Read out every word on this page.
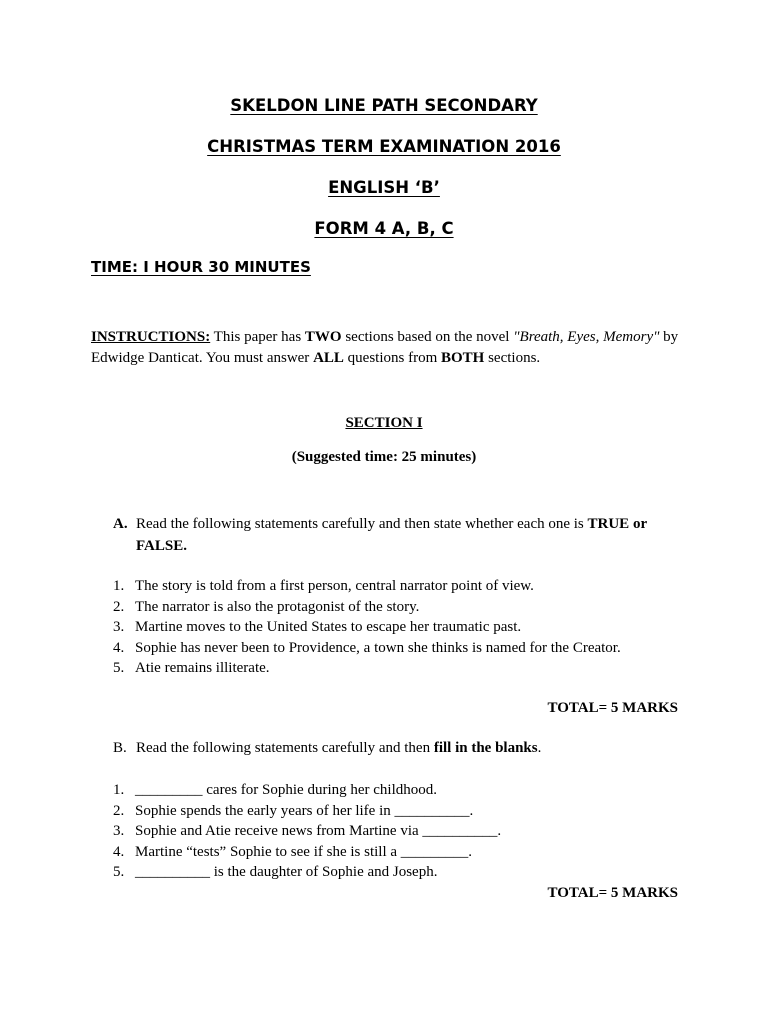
SKELDON LINE PATH SECONDARY
CHRISTMAS TERM EXAMINATION 2016
ENGLISH ‘B’
FORM 4 A, B, C
TIME: I HOUR 30 MINUTES
INSTRUCTIONS: This paper has TWO sections based on the novel "Breath, Eyes, Memory" by Edwidge Danticat. You must answer ALL questions from BOTH sections.
SECTION I
(Suggested time: 25 minutes)
A. Read the following statements carefully and then state whether each one is TRUE or FALSE.
1. The story is told from a first person, central narrator point of view.
2. The narrator is also the protagonist of the story.
3. Martine moves to the United States to escape her traumatic past.
4. Sophie has never been to Providence, a town she thinks is named for the Creator.
5. Atie remains illiterate.
TOTAL= 5 MARKS
B. Read the following statements carefully and then fill in the blanks.
1. _________ cares for Sophie during her childhood.
2. Sophie spends the early years of her life in __________.
3. Sophie and Atie receive news from Martine via __________.
4. Martine “tests” Sophie to see if she is still a _________.
5. __________ is the daughter of Sophie and Joseph.
TOTAL= 5 MARKS
